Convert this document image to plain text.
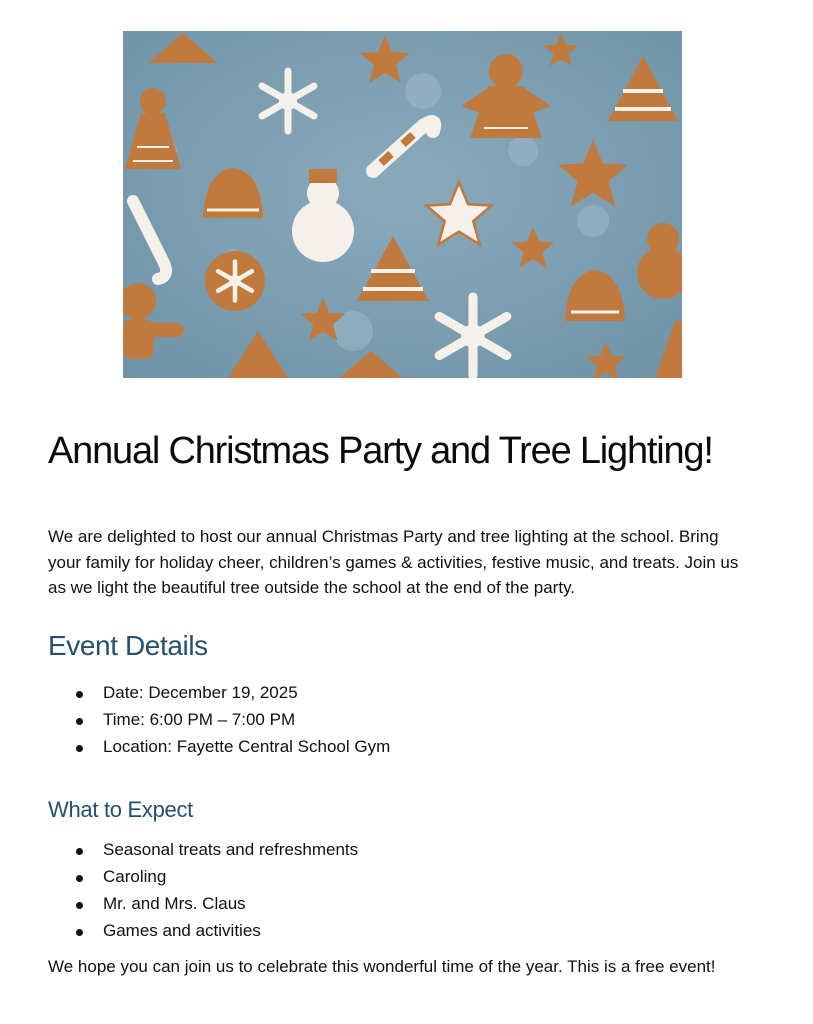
Annual Christmas Party and Tree Lighting!

We are delighted to host our annual Christmas Party and tree lighting at the school. Bring your family for holiday cheer, children’s games & activities, festive music, and treats. Join us as we light the beautiful tree outside the school at the end of the party.

Event Details
Date: December 19, 2025
Time: 6:00 PM – 7:00 PM
Location: Fayette Central School Gym
What to Expect
Seasonal treats and refreshments
Caroling
Mr. and Mrs. Claus
Games and activities

We hope you can join us to celebrate this wonderful time of the year. This is a free event!
